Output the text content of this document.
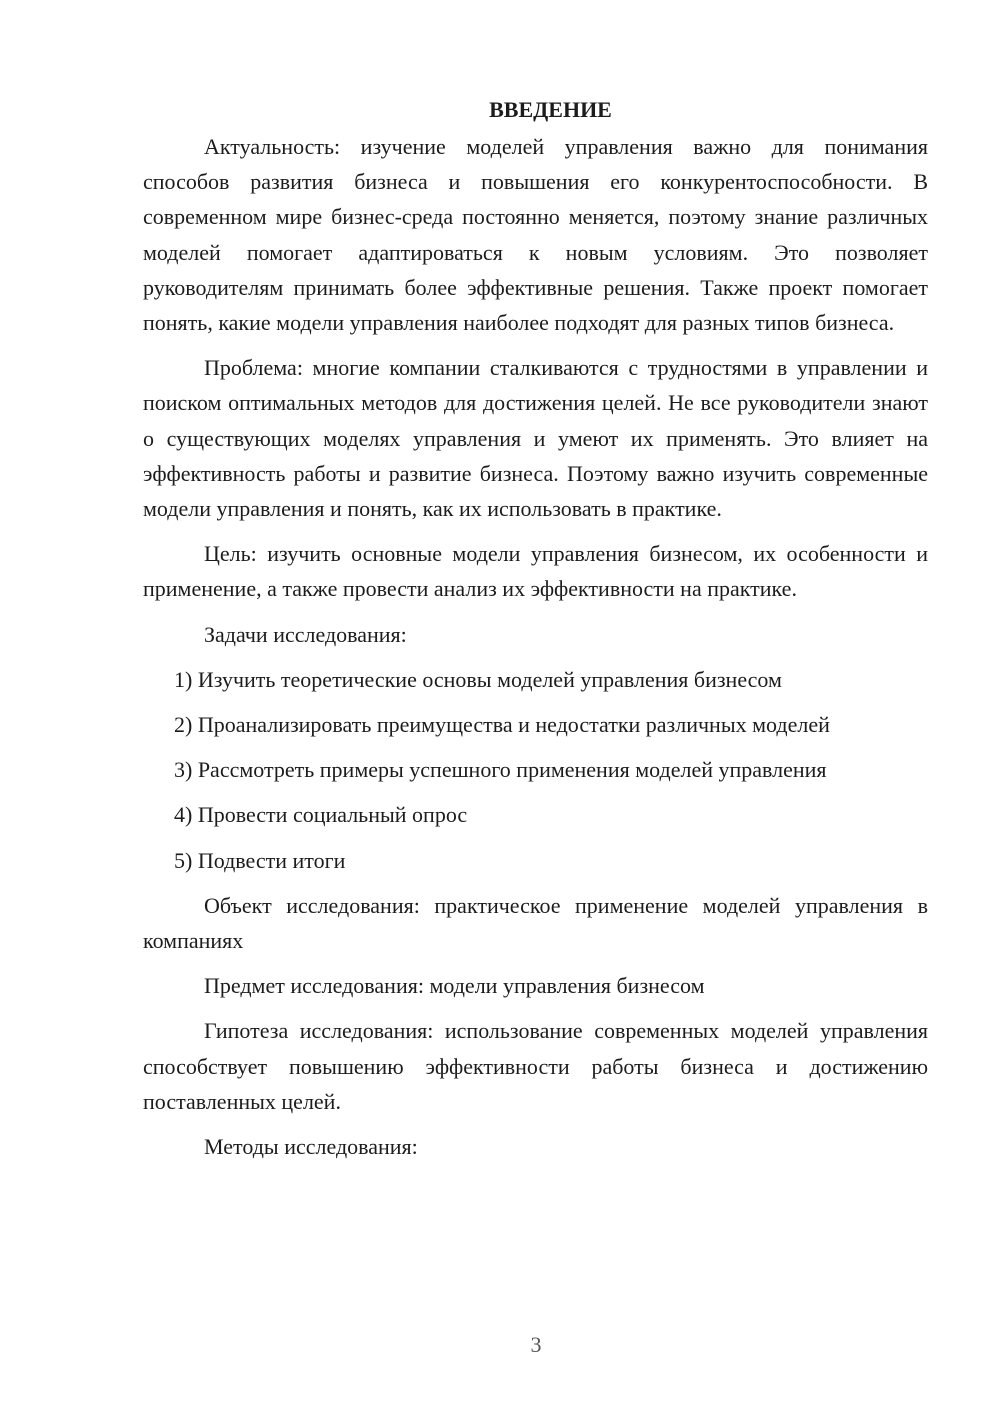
ВВЕДЕНИЕ

Актуальность: изучение моделей управления важно для понимания способов развития бизнеса и повышения его конкурентоспособности. В современном мире бизнес-среда постоянно меняется, поэтому знание различных моделей помогает адаптироваться к новым условиям. Это позволяет руководителям принимать более эффективные решения. Также проект помогает понять, какие модели управления наиболее подходят для разных типов бизнеса.

Проблема: многие компании сталкиваются с трудностями в управлении и поиском оптимальных методов для достижения целей. Не все руководители знают о существующих моделях управления и умеют их применять. Это влияет на эффективность работы и развитие бизнеса. Поэтому важно изучить современные модели управления и понять, как их использовать в практике.

Цель: изучить основные модели управления бизнесом, их особенности и применение, а также провести анализ их эффективности на практике.

Задачи исследования:

1) Изучить теоретические основы моделей управления бизнесом
2) Проанализировать преимущества и недостатки различных моделей
3) Рассмотреть примеры успешного применения моделей управления
4) Провести социальный опрос
5) Подвести итоги

Объект исследования: практическое применение моделей управления в компаниях

Предмет исследования: модели управления бизнесом

Гипотеза исследования: использование современных моделей управления способствует повышению эффективности работы бизнеса и достижению поставленных целей.

Методы исследования:

3
